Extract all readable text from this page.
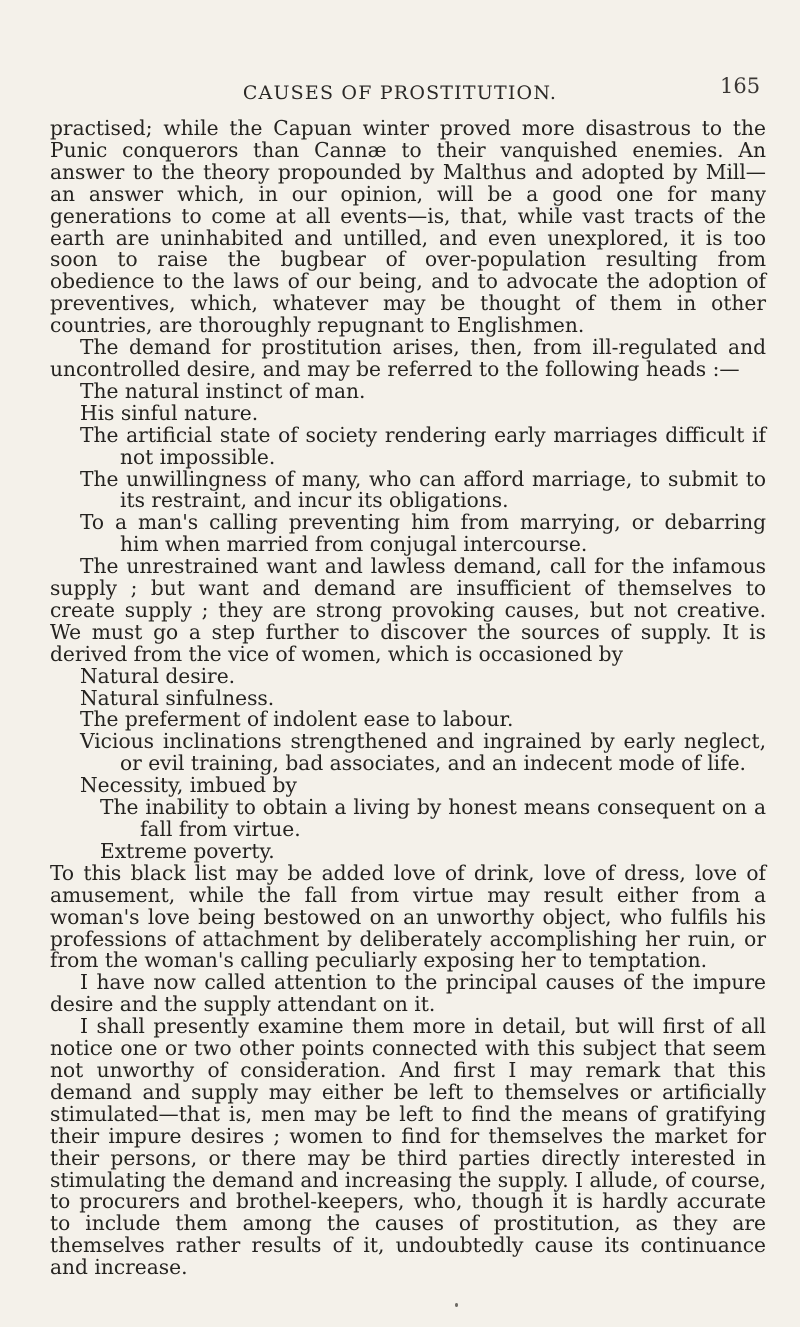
CAUSES OF PROSTITUTION.	165

practised; while the Capuan winter proved more disastrous to the Punic conquerors than Cannæ to their vanquished enemies. An answer to the theory propounded by Malthus and adopted by Mill—an answer which, in our opinion, will be a good one for many generations to come at all events—is, that, while vast tracts of the earth are uninhabited and untilled, and even unexplored, it is too soon to raise the bugbear of over-population resulting from obedience to the laws of our being, and to advocate the adoption of preventives, which, whatever may be thought of them in other countries, are thoroughly repugnant to Englishmen.

The demand for prostitution arises, then, from ill-regulated and uncontrolled desire, and may be referred to the following heads :—

The natural instinct of man.

His sinful nature.

The artificial state of society rendering early marriages difficult if not impossible.

The unwillingness of many, who can afford marriage, to submit to its restraint, and incur its obligations.

To a man's calling preventing him from marrying, or debarring him when married from conjugal intercourse.

The unrestrained want and lawless demand, call for the infamous supply ; but want and demand are insufficient of themselves to create supply ; they are strong provoking causes, but not creative. We must go a step further to discover the sources of supply. It is derived from the vice of women, which is occasioned by

Natural desire.

Natural sinfulness.

The preferment of indolent ease to labour.

Vicious inclinations strengthened and ingrained by early neglect, or evil training, bad associates, and an indecent mode of life.

Necessity, imbued by

The inability to obtain a living by honest means consequent on a fall from virtue.

Extreme poverty.

To this black list may be added love of drink, love of dress, love of amusement, while the fall from virtue may result either from a woman's love being bestowed on an unworthy object, who fulfils his professions of attachment by deliberately accomplishing her ruin, or from the woman's calling peculiarly exposing her to temptation.

I have now called attention to the principal causes of the impure desire and the supply attendant on it.

I shall presently examine them more in detail, but will first of all notice one or two other points connected with this subject that seem not unworthy of consideration. And first I may remark that this demand and supply may either be left to themselves or artificially stimulated—that is, men may be left to find the means of gratifying their impure desires ; women to find for themselves the market for their persons, or there may be third parties directly interested in stimulating the demand and increasing the supply. I allude, of course, to procurers and brothel-keepers, who, though it is hardly accurate to include them among the causes of prostitution, as they are themselves rather results of it, undoubtedly cause its continuance and increase.
